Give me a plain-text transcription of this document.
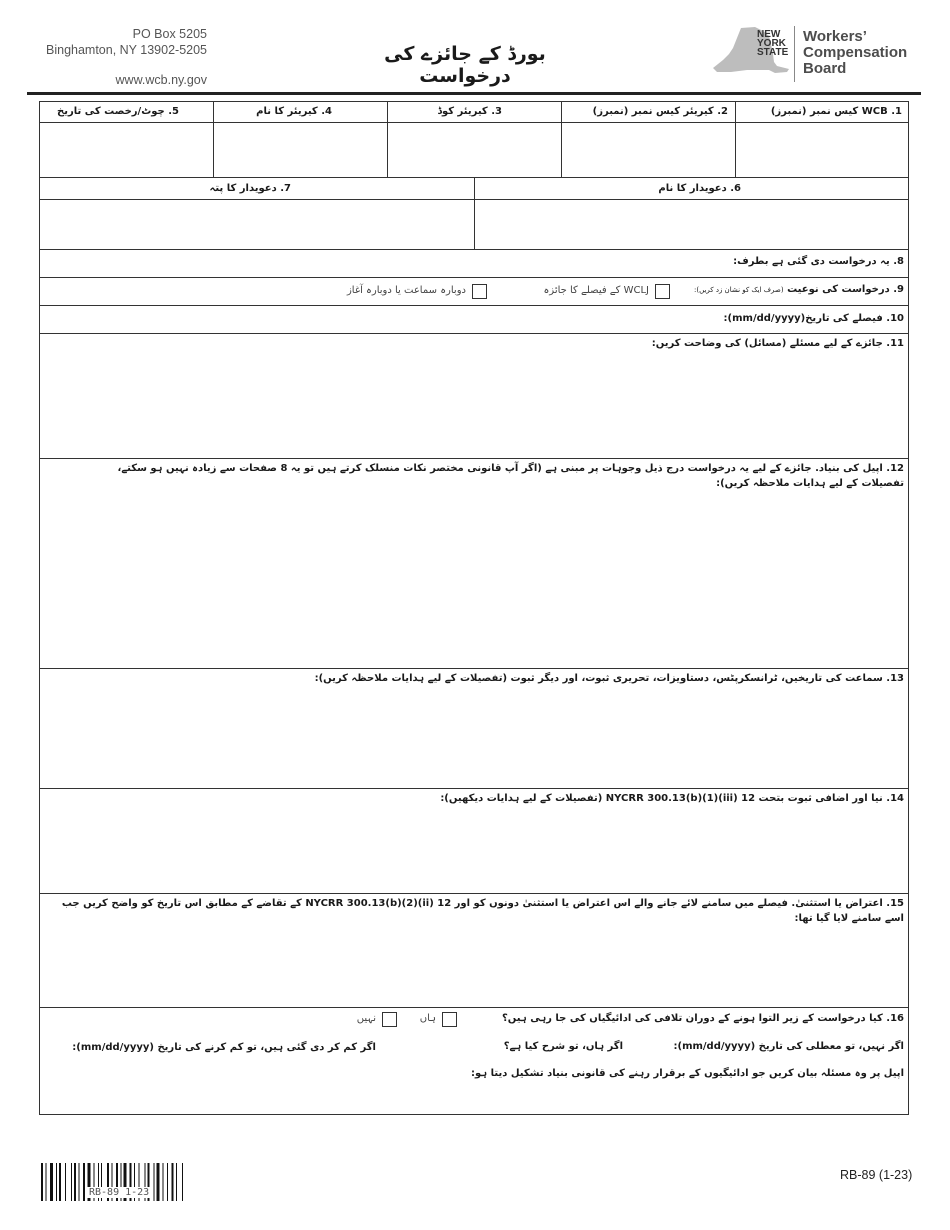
PO Box 5205
Binghamton, NY 13902-5205
www.wcb.ny.gov
بورڈ کے جائزے کی درخواست
NEW
YORK
STATE
Workers’
Compensation
Board
1. WCB کیس نمبر (نمبرز)
2. کیریئر کیس نمبر (نمبرز)
3. کیریئر کوڈ
4. کیریئر کا نام
5. چوٹ/رخصت کی تاریخ
6. دعویدار کا نام
7. دعویدار کا پتہ
8. یہ درخواست دی گئی ہے بطرف:
9. درخواست کی نوعیت (صرف ایک کو نشان زد کریں):
WCLJ کے فیصلے کا جائزہ
دوبارہ سماعت یا دوبارہ آغاز
10. فیصلے کی تاریخ(mm/dd/yyyy):
11. جائزے کے لیے مسئلے (مسائل) کی وضاحت کریں:
12. اپیل کی بنیاد. جائزے کے لیے یہ درخواست درج ذیل وجوہات پر مبنی ہے (اگر آپ قانونی مختصر نکات منسلک کرتے ہیں تو یہ 8 صفحات سے زیادہ نہیں ہو سکتے، تفصیلات کے لیے ہدایات ملاحظہ کریں):
13. سماعت کی تاریخیں، ٹرانسکرپٹس، دستاویزات، تحریری ثبوت، اور دیگر ثبوت (تفصیلات کے لیے ہدایات ملاحظہ کریں):
14. نیا اور اضافی ثبوت بتحت 12 NYCRR 300.13(b)(1)(iii) (تفصیلات کے لیے ہدایات دیکھیں):
15. اعتراض یا استثنیٰ. فیصلے میں سامنے لائے جانے والے اس اعتراض یا استثنیٰ دونوں کو اور 12 NYCRR 300.13(b)(2)(ii) کے تقاضے کے مطابق اس تاریخ کو واضح کریں جب اسے سامنے لایا گیا تھا:
16. کیا درخواست کے زیر التوا ہونے کے دوران تلافی کی ادائیگیاں کی جا رہی ہیں؟
ہاں
نہیں
اگر نہیں، تو معطلی کی تاریخ (mm/dd/yyyy):
اگر ہاں، تو شرح کیا ہے؟
اگر کم کر دی گئی ہیں، تو کم کرنے کی تاریخ (mm/dd/yyyy):
اپیل پر وہ مسئلہ بیان کریں جو ادائیگیوں کے برقرار رہنے کی قانونی بنیاد تشکیل دیتا ہو:
RB-89 1-23
RB-89 (1-23)
